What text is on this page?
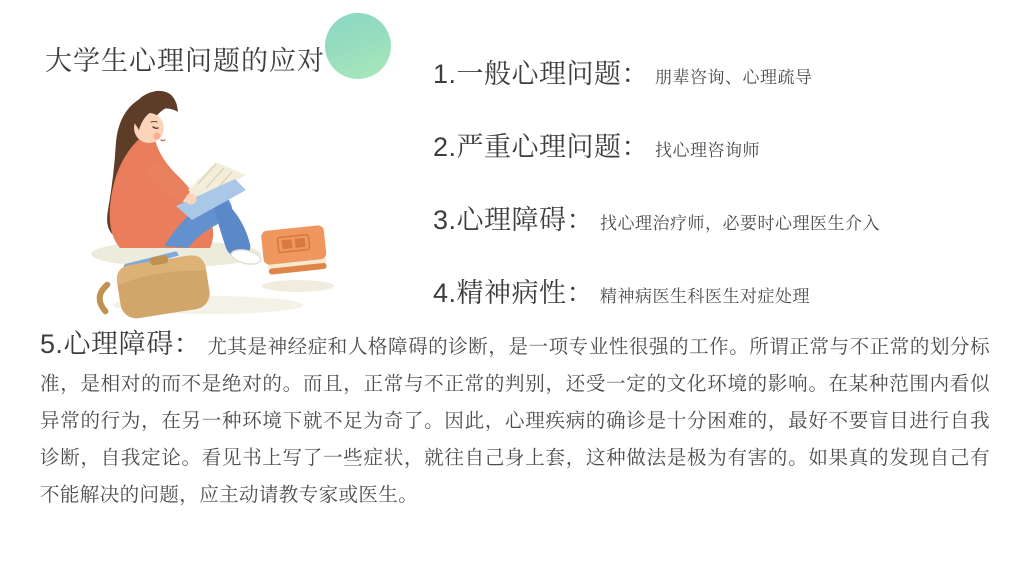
大学生心理问题的应对	1.一般心理问题： 朋辈咨询、心理疏导
2.严重心理问题： 找心理咨询师
3.心理障碍： 找心理治疗师，必要时心理医生介入
4.精神病性： 精神病医生科医生对症处理
5.心理障碍： 尤其是神经症和人格障碍的诊断，是一项专业性很强的工作。所谓正常与不正常的划分标准，是相对的而不是绝对的。而且，正常与不正常的判别，还受一定的文化环境的影响。在某种范围内看似异常的行为，在另一种环境下就不足为奇了。因此，心理疾病的确诊是十分困难的，最好不要盲目进行自我诊断，自我定论。看见书上写了一些症状，就往自己身上套，这种做法是极为有害的。如果真的发现自己有不能解决的问题，应主动请教专家或医生。
